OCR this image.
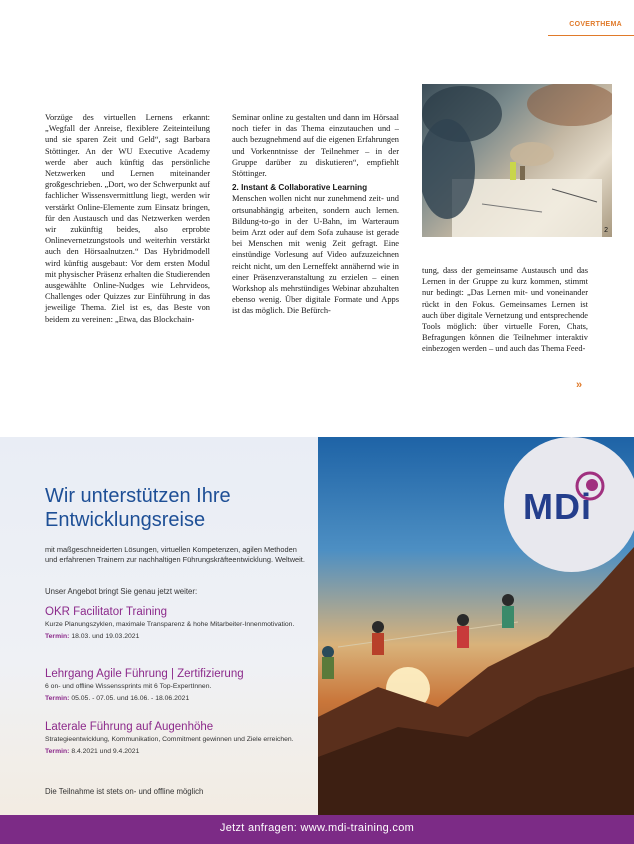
COVERTHEMA

Vorzüge des virtuellen Lernens erkannt: „Wegfall der Anreise, flexiblere Zeiteinteilung und sie sparen Zeit und Geld“, sagt Barbara Stöttinger. An der WU Executive Academy werde aber auch künftig das persönliche Netzwerken und Lernen miteinander großgeschrieben. „Dort, wo der Schwerpunkt auf fachlicher Wissensvermittlung liegt, werden wir verstärkt Online-Elemente zum Einsatz bringen, für den Austausch und das Netzwerken werden wir zukünftig beides, also erprobte Onlinevernetzungstools und weiterhin verstärkt auch den Hörsaalnutzen.“ Das Hybridmodell wird künftig ausgebaut: Vor dem ersten Modul mit physischer Präsenz erhalten die Studierenden ausgewählte Online-Nudges wie Lehrvideos, Challenges oder Quizzes zur Einführung in das jeweilige Thema. Ziel ist es, das Beste von beidem zu vereinen: „Etwa, das Blockchain-

Seminar online zu gestalten und dann im Hörsaal noch tiefer in das Thema einzutauchen und – auch bezugnehmend auf die eigenen Erfahrungen und Vorkenntnisse der Teilnehmer – in der Gruppe darüber zu diskutieren“, empfiehlt Stöttinger.

2. Instant & Collaborative Learning

Menschen wollen nicht nur zunehmend zeit- und ortsunabhängig arbeiten, sondern auch lernen. Bildung-to-go in der U-Bahn, im Warteraum beim Arzt oder auf dem Sofa zuhause ist gerade bei Menschen mit wenig Zeit gefragt. Eine einstündige Vorlesung auf Video aufzuzeichnen reicht nicht, um den Lerneffekt annähernd wie in einer Präsenzveranstaltung zu erzielen – einen Workshop als mehrstündiges Webinar abzuhalten ebenso wenig. Über digitale Formate und Apps ist das möglich. Die Befürch-

2

tung, dass der gemeinsame Austausch und das Lernen in der Gruppe zu kurz kommen, stimmt nur bedingt: „Das Lernen mit- und voneinander rückt in den Fokus. Gemeinsames Lernen ist auch über digitale Vernetzung und entsprechende Tools möglich: über virtuelle Foren, Chats, Befragungen können die Teilnehmer interaktiv einbezogen werden – und auch das Thema Feed-

»
Wir unterstützen Ihre Entwicklungsreise
mit maßgeschneiderten Lösungen, virtuellen Kompetenzen, agilen Methoden und erfahrenen Trainern zur nachhaltigen Führungskräfteentwicklung. Weltweit.
Unser Angebot bringt Sie genau jetzt weiter:
OKR Facilitator Training
Kurze Planungszyklen, maximale Transparenz & hohe Mitarbeiter-Innenmotivation.
Termin: 18.03. und 19.03.2021
Lehrgang Agile Führung | Zertifizierung
6 on- und offline Wissenssprints mit 6 Top-ExpertInnen.
Termin: 05.05. - 07.05. und 16.06. - 18.06.2021
Laterale Führung auf Augenhöhe
Strategieentwicklung, Kommunikation, Commitment gewinnen und Ziele erreichen.
Termin: 8.4.2021 und 9.4.2021
Die Teilnahme ist stets on- und offline möglich
MDi
Jetzt anfragen: www.mdi-training.com
